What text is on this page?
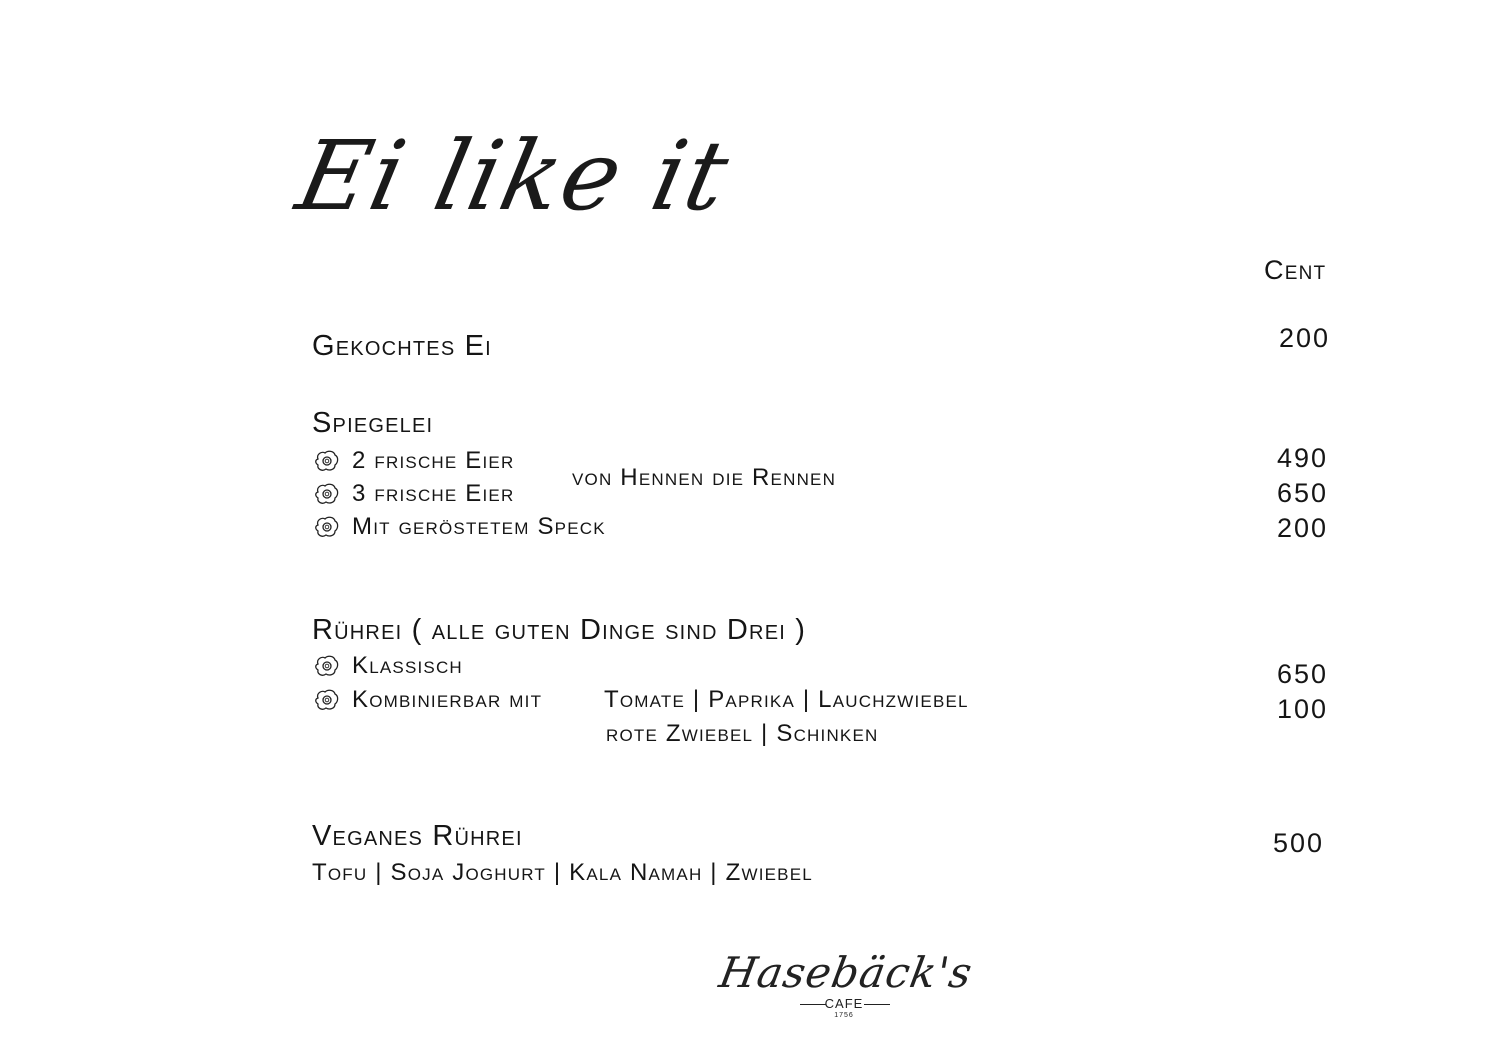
Ei like it
Cent
Gekochtes Ei	200
Spiegelei
2 frische Eier
3 frische Eier
Mit geröstetem Speck
von Hennen die Rennen
490
650
200
Rührei ( alle guten Dinge sind Drei )
Klassisch
Kombinierbar mit	Tomate | Paprika | Lauchzwiebel
rote Zwiebel | Schinken
650
100
Veganes Rührei
Tofu | Soja Joghurt | Kala Namah | Zwiebel
500
Hasebäck's
CAFE
1756
